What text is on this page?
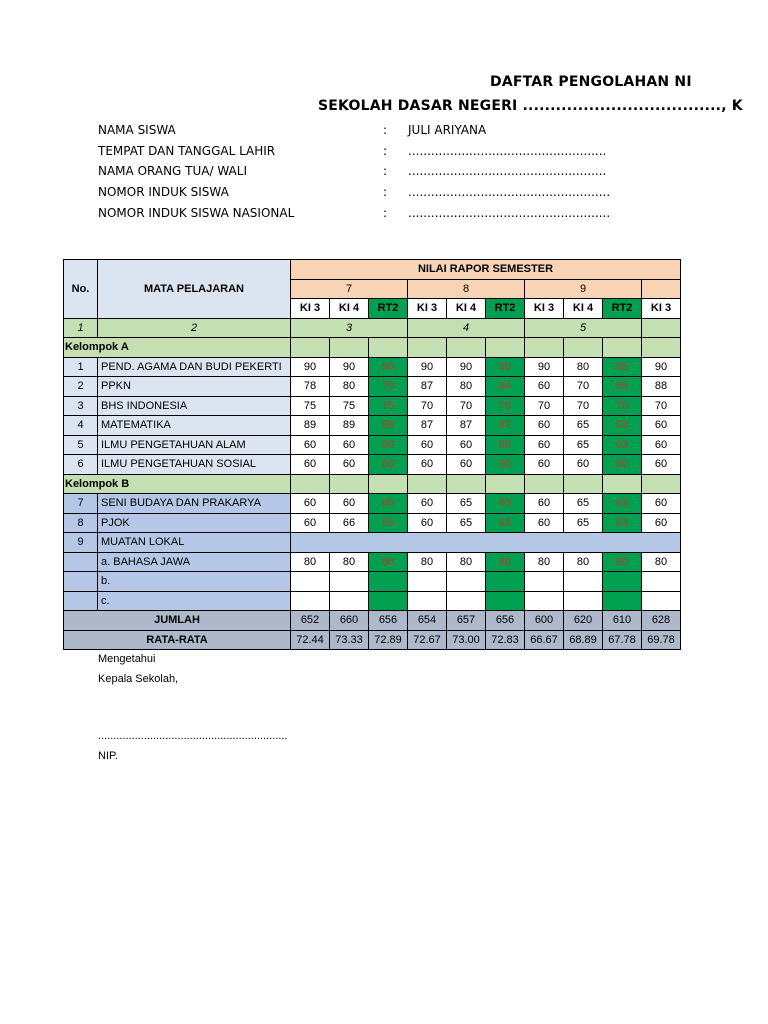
DAFTAR PENGOLAHAN NI
SEKOLAH DASAR NEGERI ...................................., K
NAMA SISWA	: JULI ARIYANA
TEMPAT DAN TANGGAL LAHIR	: ....................................................
NAMA ORANG TUA/ WALI	: ....................................................
NOMOR INDUK SISWA	: .....................................................
NOMOR INDUK SISWA NASIONAL	: .....................................................
No.	MATA PELAJARAN	NILAI RAPOR SEMESTER										
		7			8			9				
		KI 3	KI 4	RT2	KI 3	KI 4	RT2	KI 3	KI 4	RT2	KI 3	
1	2	3			4			5				
Kelompok A												
1	PEND. AGAMA DAN BUDI PEKERTI	90	90	90	90	90	90	90	80	85	90	
2	PPKN	78	80	79	87	80	84	60	70	65	88	
3	BHS INDONESIA	75	75	75	70	70	70	70	70	70	70	
4	MATEMATIKA	89	89	89	87	87	87	60	65	63	60	
5	ILMU PENGETAHUAN ALAM	60	60	60	60	60	60	60	65	63	60	
6	ILMU PENGETAHUAN SOSIAL	60	60	60	60	60	60	60	60	60	60	
Kelompok B												
7	SENI BUDAYA DAN PRAKARYA	60	60	60	60	65	63	60	65	63	60	
8	PJOK	60	66	63	60	65	63	60	65	63	60	
9	MUATAN LOKAL											
	a. BAHASA JAWA	80	80	80	80	80	80	80	80	80	80	
	b.											
	c.											
JUMLAH		652	660	656	654	657	656	600	620	610	628	
RATA-RATA		72.44	73.33	72.89	72.67	73.00	72.83	66.67	68.89	67.78	69.78	
Mengetahui
Kepala Sekolah,
..............................................................
NIP.
